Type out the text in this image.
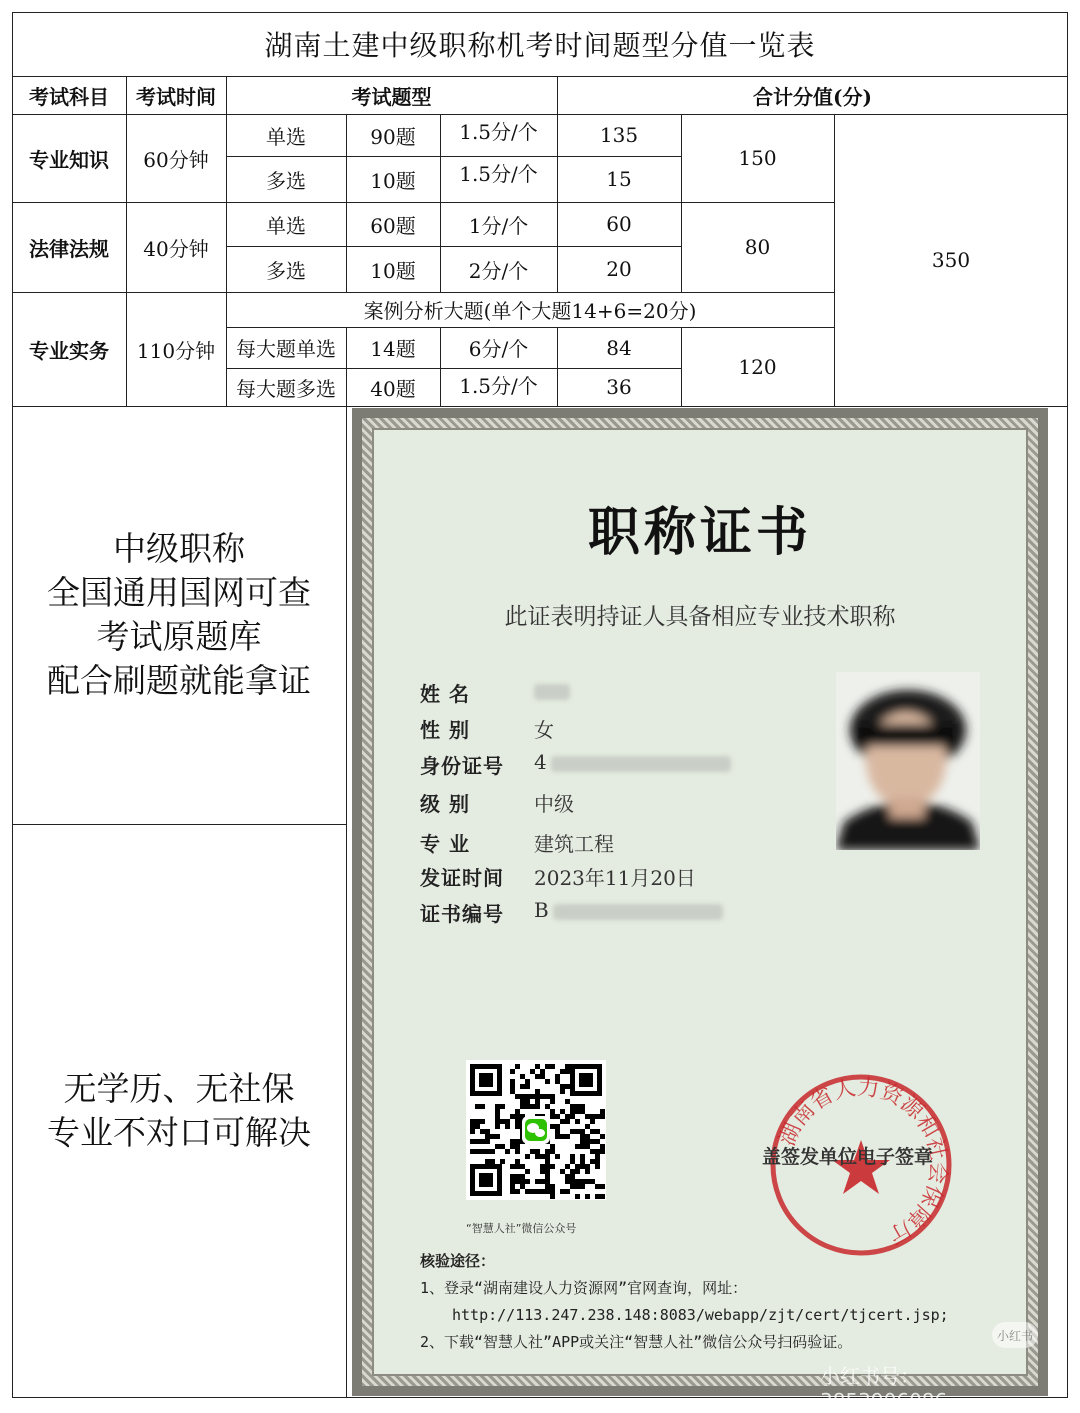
湖南土建中级职称机考时间题型分值一览表
考试科目	考试时间	考试题型	合计分值(分)
专业知识	60分钟
单选	90题	1.5分/个	135
多选	10题	1.5分/个	15
150
法律法规	40分钟
单选	60题	1分/个	60
多选	10题	2分/个	20
80
350
专业实务	110分钟
案例分析大题(单个大题14+6=20分)
每大题单选	14题	6分/个	84
每大题多选	40题	1.5分/个	36
120
中级职称
全国通用国网可查
考试原题库
配合刷题就能拿证
无学历、无社保
专业不对口可解决
职称证书
此证表明持证人具备相应专业技术职称
姓 名
性 别	女
身份证号	4
级 别	中级
专 业	建筑工程
发证时间	2023年11月20日
证书编号	B
“智慧人社”微信公众号
湖南省人力资源和社会保障厅
盖签发单位电子签章
核验途径：
1、登录“湖南建设人力资源网”官网查询，网址：
http://113.247.238.148:8083/webapp/zjt/cert/tjcert.jsp;
2、下载“智慧人社”APP或关注“智慧人社”微信公众号扫码验证。	小红书
小红书号：3853906086
